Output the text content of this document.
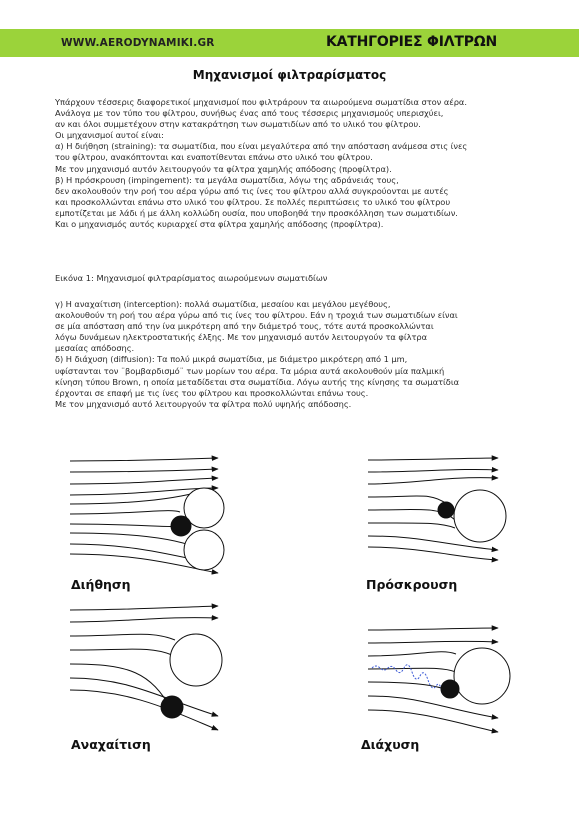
WWW.AERODYNAMIKI.GR	ΚΑΤΗΓΟΡΙΕΣ ΦΙΛΤΡΩΝ
Μηχανισμοί φιλτραρίσματος
Υπάρχουν τέσσερις διαφορετικοί μηχανισμοί που φιλτράρουν τα αιωρούμενα σωματίδια στον αέρα.
Ανάλογα με τον τύπο του φίλτρου, συνήθως ένας από τους τέσσερις μηχανισμούς υπερισχύει,
αν και όλοι συμμετέχουν στην κατακράτηση των σωματιδίων από το υλικό του φίλτρου.
Οι μηχανισμοί αυτοί είναι:
α) Η διήθηση (straining): τα σωματίδια, που είναι μεγαλύτερα από την απόσταση ανάμεσα στις ίνες
του φίλτρου, ανακόπτονται και εναποτίθενται επάνω στο υλικό του φίλτρου.
Με τον μηχανισμό αυτόν λειτουργούν τα φίλτρα χαμηλής απόδοσης (προφίλτρα).
β) Η πρόσκρουση (impingement): τα μεγάλα σωματίδια, λόγω της αδράνειάς τους,
δεν ακολουθούν την ροή του αέρα γύρω από τις ίνες του φίλτρου αλλά συγκρούονται με αυτές
και προσκολλώνται επάνω στο υλικό του φίλτρου. Σε πολλές περιπτώσεις το υλικό του φίλτρου
εμποτίζεται με λάδι ή με άλλη κολλώδη ουσία, που υποβοηθά την προσκόλληση των σωματιδίων.
Και ο μηχανισμός αυτός κυριαρχεί στα φίλτρα χαμηλής απόδοσης (προφίλτρα).
Εικόνα 1: Μηχανισμοί φιλτραρίσματος αιωρούμενων σωματιδίων
γ) Η αναχαίτιση (interception): πολλά σωματίδια, μεσαίου και μεγάλου μεγέθους,
ακολουθούν τη ροή του αέρα γύρω από τις ίνες του φίλτρου. Εάν η τροχιά των σωματιδίων είναι
σε μία απόσταση από την ίνα μικρότερη από την διάμετρό τους, τότε αυτά προσκολλώνται
λόγω δυνάμεων ηλεκτροστατικής έλξης. Με τον μηχανισμό αυτόν λειτουργούν τα φίλτρα
μεσαίας απόδοσης.
δ) Η διάχυση (diffusion): Τα πολύ μικρά σωματίδια, με διάμετρο μικρότερη από 1 μm,
υφίστανται τον ¨βομβαρδισμό¨ των μορίων του αέρα. Τα μόρια αυτά ακολουθούν μία παλμική
κίνηση τύπου Brown, η οποία μεταδίδεται στα σωματίδια. Λόγω αυτής της κίνησης τα σωματίδια
έρχονται σε επαφή με τις ίνες του φίλτρου και προσκολλώνται επάνω τους.
Με τον μηχανισμό αυτό λειτουργούν τα φίλτρα πολύ υψηλής απόδοσης.
Διήθηση	Πρόσκρουση
Αναχαίτιση	Διάχυση
